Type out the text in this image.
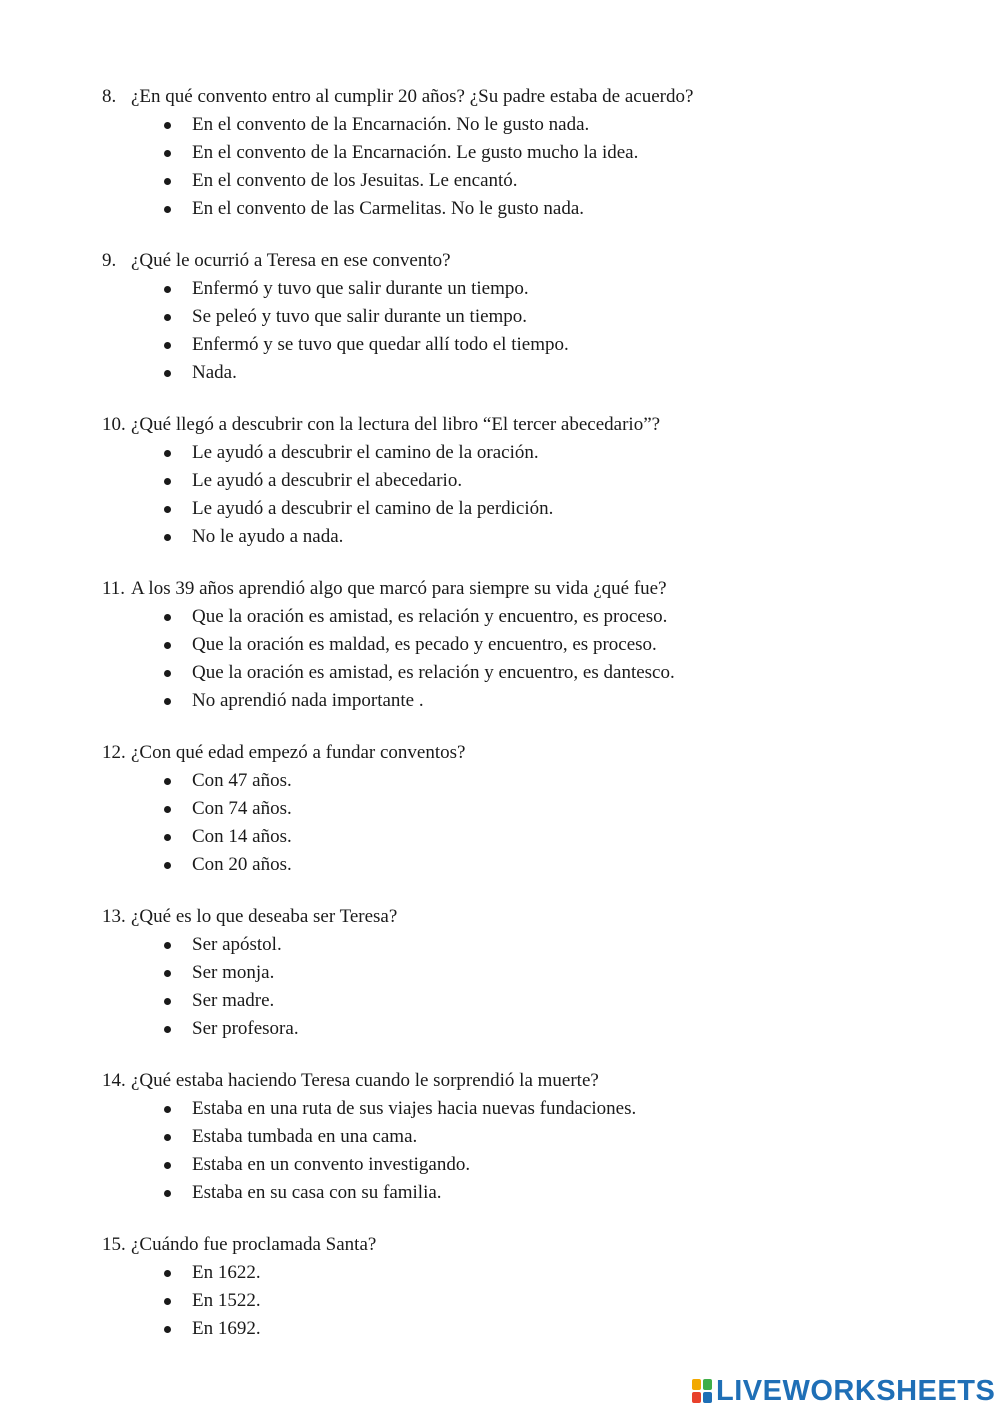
8. ¿En qué convento entro al cumplir 20 años? ¿Su padre estaba de acuerdo?
En el convento de la Encarnación. No le gusto nada.
En el convento de la Encarnación. Le gusto mucho la idea.
En el convento de los Jesuitas. Le encantó.
En el convento de las Carmelitas. No le gusto nada.
9. ¿Qué le ocurrió a Teresa en ese convento?
Enfermó y tuvo que salir durante un tiempo.
Se peleó y tuvo que salir durante un tiempo.
Enfermó y se tuvo que quedar allí todo el tiempo.
Nada.
10. ¿Qué llegó a descubrir con la lectura del libro “El tercer abecedario”?
Le ayudó a descubrir el camino de la oración.
Le ayudó a descubrir el abecedario.
Le ayudó a descubrir el camino de la perdición.
No le ayudo a nada.
11. A los 39 años aprendió algo que marcó para siempre su vida ¿qué fue?
Que la oración es amistad, es relación y encuentro, es proceso.
Que la oración es maldad, es pecado y encuentro, es proceso.
Que la oración es amistad, es relación y encuentro, es dantesco.
No aprendió nada importante .
12. ¿Con qué edad empezó a fundar conventos?
Con 47 años.
Con 74 años.
Con 14 años.
Con 20 años.
13. ¿Qué es lo que deseaba ser Teresa?
Ser apóstol.
Ser monja.
Ser madre.
Ser profesora.
14. ¿Qué estaba haciendo Teresa cuando le sorprendió la muerte?
Estaba en una ruta de sus viajes hacia nuevas fundaciones.
Estaba tumbada en una cama.
Estaba en un convento investigando.
Estaba en su casa con su familia.
15. ¿Cuándo fue proclamada Santa?
En 1622.
En 1522.
En 1692.
LIVEWORKSHEETS
